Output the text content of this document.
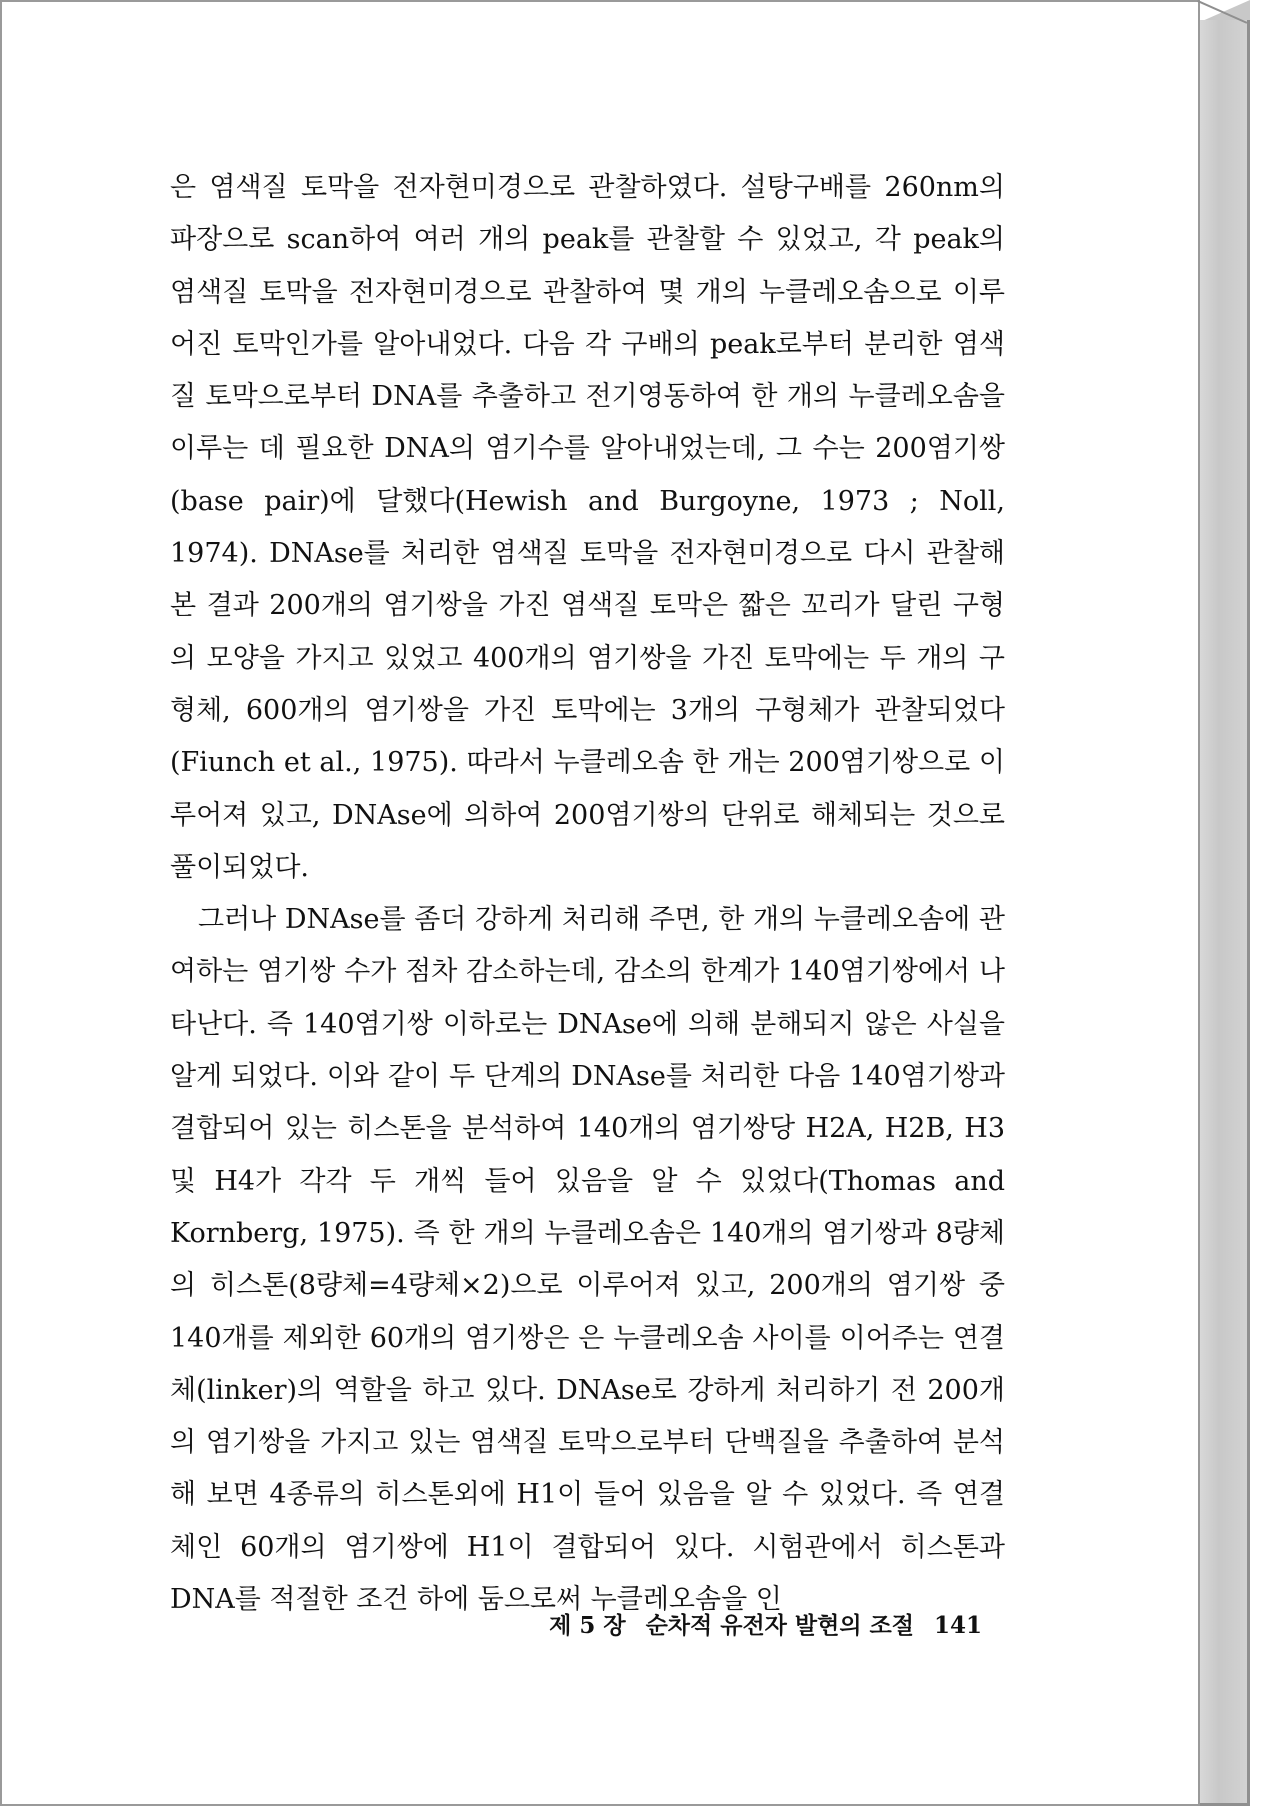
은 염색질 토막을 전자현미경으로 관찰하였다. 설탕구배를 260nm의 파장으로 scan하여 여러 개의 peak를 관찰할 수 있었고, 각 peak의 염색질 토막을 전자현미경으로 관찰하여 몇 개의 누클레오솜으로 이루어진 토막인가를 알아내었다. 다음 각 구배의 peak로부터 분리한 염색질 토막으로부터 DNA를 추출하고 전기영동하여 한 개의 누클레오솜을 이루는 데 필요한 DNA의 염기수를 알아내었는데, 그 수는 200염기쌍(base pair)에 달했다(Hewish and Burgoyne, 1973 ; Noll, 1974). DNAse를 처리한 염색질 토막을 전자현미경으로 다시 관찰해 본 결과 200개의 염기쌍을 가진 염색질 토막은 짧은 꼬리가 달린 구형의 모양을 가지고 있었고 400개의 염기쌍을 가진 토막에는 두 개의 구형체, 600개의 염기쌍을 가진 토막에는 3개의 구형체가 관찰되었다(Fiunch et al., 1975). 따라서 누클레오솜 한 개는 200염기쌍으로 이루어져 있고, DNAse에 의하여 200염기쌍의 단위로 해체되는 것으로 풀이되었다.

그러나 DNAse를 좀더 강하게 처리해 주면, 한 개의 누클레오솜에 관여하는 염기쌍 수가 점차 감소하는데, 감소의 한계가 140염기쌍에서 나타난다. 즉 140염기쌍 이하로는 DNAse에 의해 분해되지 않은 사실을 알게 되었다. 이와 같이 두 단계의 DNAse를 처리한 다음 140염기쌍과 결합되어 있는 히스톤을 분석하여 140개의 염기쌍당 H2A, H2B, H3 및 H4가 각각 두 개씩 들어 있음을 알 수 있었다(Thomas and Kornberg, 1975). 즉 한 개의 누클레오솜은 140개의 염기쌍과 8량체의 히스톤(8량체=4량체×2)으로 이루어져 있고, 200개의 염기쌍 중 140개를 제외한 60개의 염기쌍은 은 누클레오솜 사이를 이어주는 연결체(linker)의 역할을 하고 있다. DNAse로 강하게 처리하기 전 200개의 염기쌍을 가지고 있는 염색질 토막으로부터 단백질을 추출하여 분석해 보면 4종류의 히스톤외에 H1이 들어 있음을 알 수 있었다. 즉 연결체인 60개의 염기쌍에 H1이 결합되어 있다. 시험관에서 히스톤과 DNA를 적절한 조건 하에 둠으로써 누클레오솜을 인

제 5 장 순차적 유전자 발현의 조절 141
